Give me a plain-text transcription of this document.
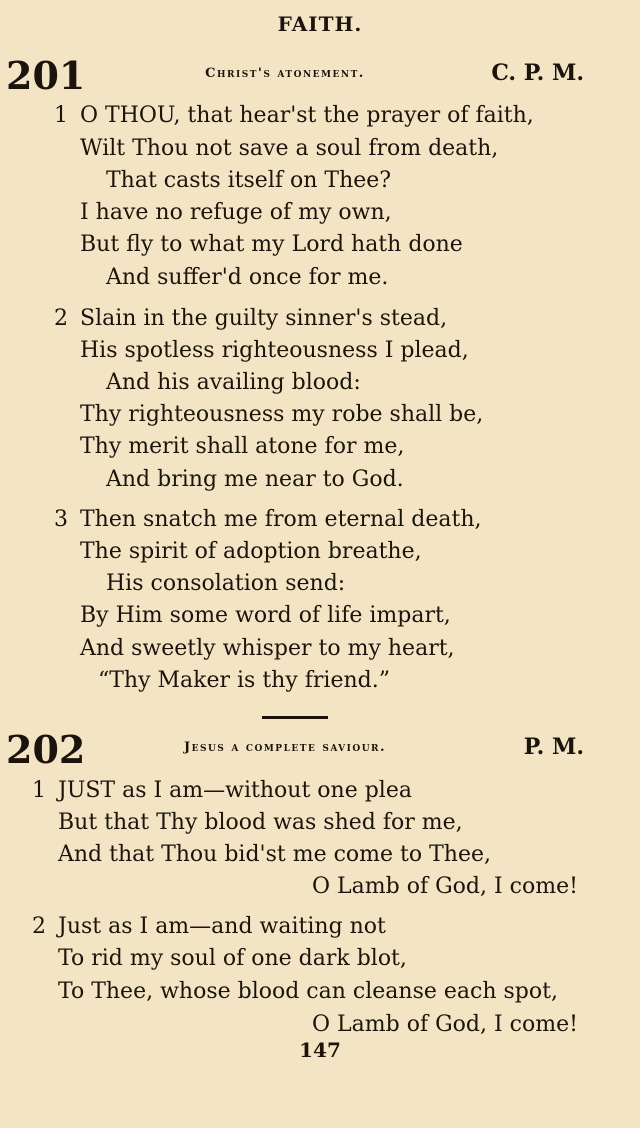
FAITH.
201	Christ's atonement.	C. P. M.
1 O THOU, that hear'st the prayer of faith,
Wilt Thou not save a soul from death,
That casts itself on Thee?
I have no refuge of my own,
But fly to what my Lord hath done
And suffer'd once for me.
2 Slain in the guilty sinner's stead,
His spotless righteousness I plead,
And his availing blood:
Thy righteousness my robe shall be,
Thy merit shall atone for me,
And bring me near to God.
3 Then snatch me from eternal death,
The spirit of adoption breathe,
His consolation send:
By Him some word of life impart,
And sweetly whisper to my heart,
“Thy Maker is thy friend.”
202	Jesus a complete saviour.	P. M.
1 JUST as I am—without one plea
But that Thy blood was shed for me,
And that Thou bid'st me come to Thee,
O Lamb of God, I come!
2 Just as I am—and waiting not
To rid my soul of one dark blot,
To Thee, whose blood can cleanse each spot,
O Lamb of God, I come!
147
